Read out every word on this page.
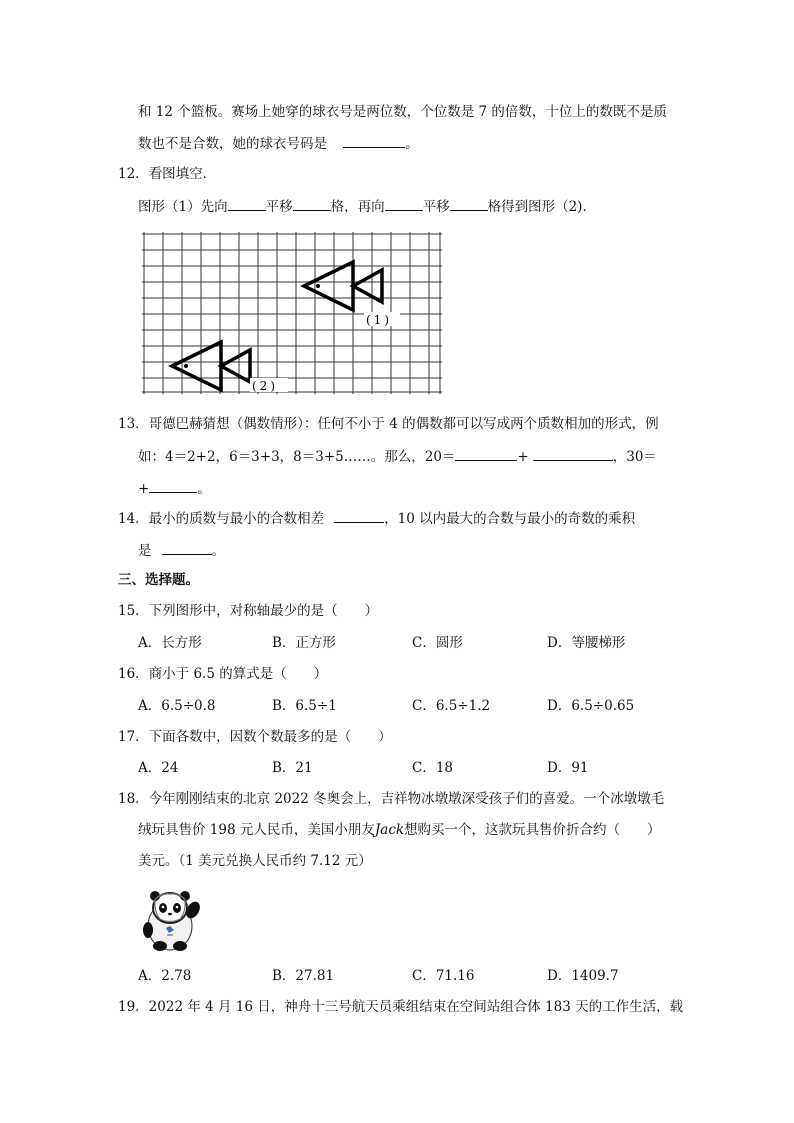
和 12 个篮板。赛场上她穿的球衣号是两位数，个位数是 7 的倍数，十位上的数既不是质
数也不是合数，她的球衣号码是	。
12．看图填空．
图形（1）先向	平移	格，再向	平移	格得到图形（2)．
(1)
(2)
13．哥德巴赫猜想（偶数情形）：任何不小于 4 的偶数都可以写成两个质数相加的形式，例
如：4＝2+2，6＝3+3，8＝3+5……。那么，20＝	+	，30＝
+	。
14．最小的质数与最小的合数相差	，10 以内最大的合数与最小的奇数的乘积
是	。
三、选择题。
15．下列图形中，对称轴最少的是（　　）
A．长方形	B．正方形	C．圆形	D．等腰梯形
16．商小于 6.5 的算式是（　　）
A．6.5÷0.8	B．6.5÷1	C．6.5÷1.2	D．6.5÷0.65
17．下面各数中，因数个数最多的是（　　）
A．24	B．21	C．18	D．91
18．今年刚刚结束的北京 2022 冬奥会上，吉祥物冰墩墩深受孩子们的喜爱。一个冰墩墩毛
绒玩具售价 198 元人民币，美国小朋友Jack想购买一个，这款玩具售价折合约（　　）
美元。（1 美元兑换人民币约 7.12 元）
A．2.78	B．27.81	C．71.16	D．1409.7
19．2022 年 4 月 16 日，神舟十三号航天员乘组结束在空间站组合体 183 天的工作生活，载
